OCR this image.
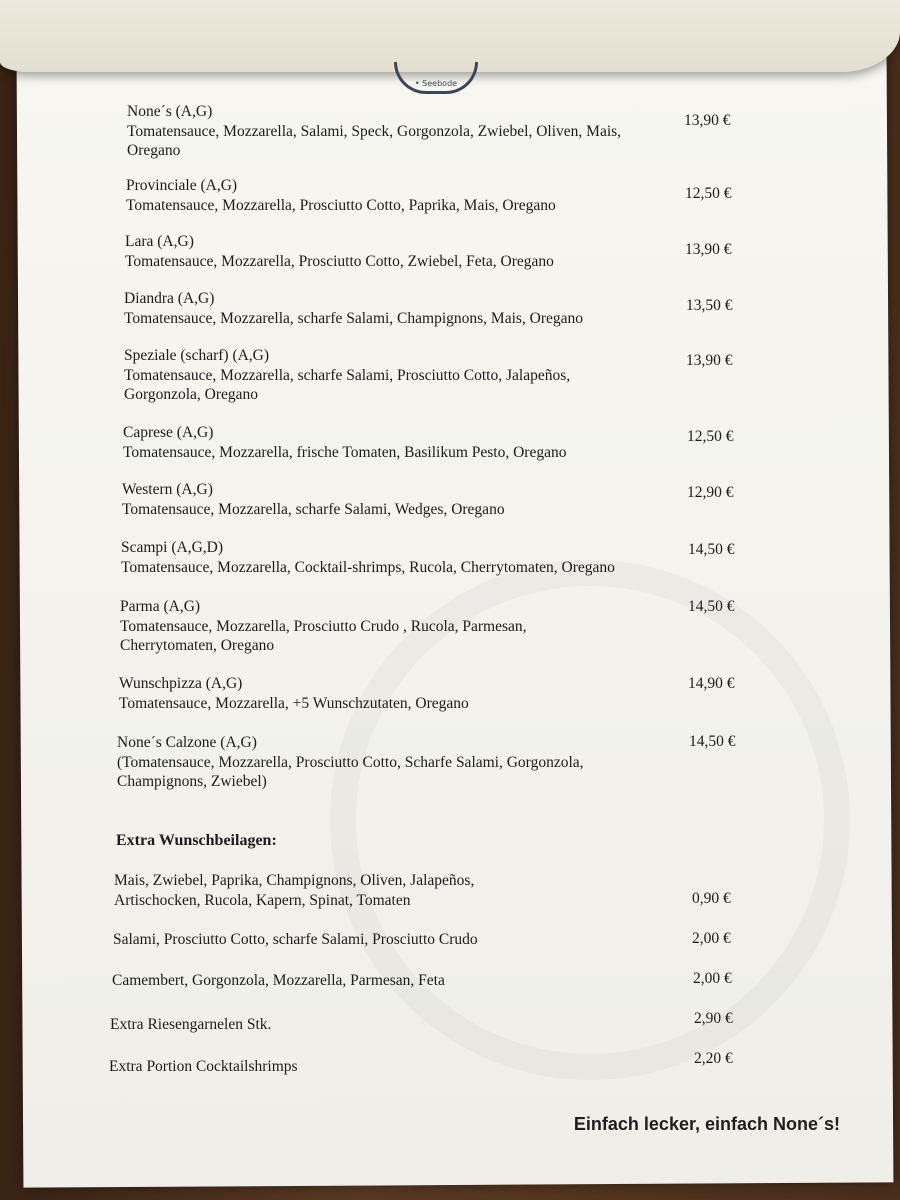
• Seebode
None´s (A,G)
Tomatensauce, Mozzarella, Salami, Speck, Gorgonzola, Zwiebel, Oliven, Mais, Oregano
13,90 €
Provinciale (A,G)
Tomatensauce, Mozzarella, Prosciutto Cotto, Paprika, Mais, Oregano
12,50 €
Lara (A,G)
Tomatensauce, Mozzarella, Prosciutto Cotto, Zwiebel, Feta, Oregano
13,90 €
Diandra (A,G)
Tomatensauce, Mozzarella, scharfe Salami, Champignons, Mais, Oregano
13,50 €
Speziale (scharf) (A,G)
Tomatensauce, Mozzarella, scharfe Salami, Prosciutto Cotto, Jalapeños, Gorgonzola, Oregano
13,90 €
Caprese (A,G)
Tomatensauce, Mozzarella, frische Tomaten, Basilikum Pesto, Oregano
12,50 €
Western (A,G)
Tomatensauce, Mozzarella, scharfe Salami, Wedges, Oregano
12,90 €
Scampi (A,G,D)
Tomatensauce, Mozzarella, Cocktail-shrimps, Rucola, Cherrytomaten, Oregano
14,50 €
Parma (A,G)
Tomatensauce, Mozzarella, Prosciutto Crudo , Rucola, Parmesan, Cherrytomaten, Oregano
14,50 €
Wunschpizza (A,G)
Tomatensauce, Mozzarella, +5 Wunschzutaten, Oregano
14,90 €
None´s Calzone (A,G)
(Tomatensauce, Mozzarella, Prosciutto Cotto, Scharfe Salami, Gorgonzola, Champignons, Zwiebel)
14,50 €
Extra Wunschbeilagen:
Mais, Zwiebel, Paprika, Champignons, Oliven, Jalapeños, Artischocken, Rucola, Kapern, Spinat, Tomaten	0,90 €
Salami, Prosciutto Cotto, scharfe Salami, Prosciutto Crudo	2,00 €
Camembert, Gorgonzola, Mozzarella, Parmesan, Feta	2,00 €
Extra Riesengarnelen Stk.	2,90 €
Extra Portion Cocktailshrimps	2,20 €
Einfach lecker, einfach None´s!
